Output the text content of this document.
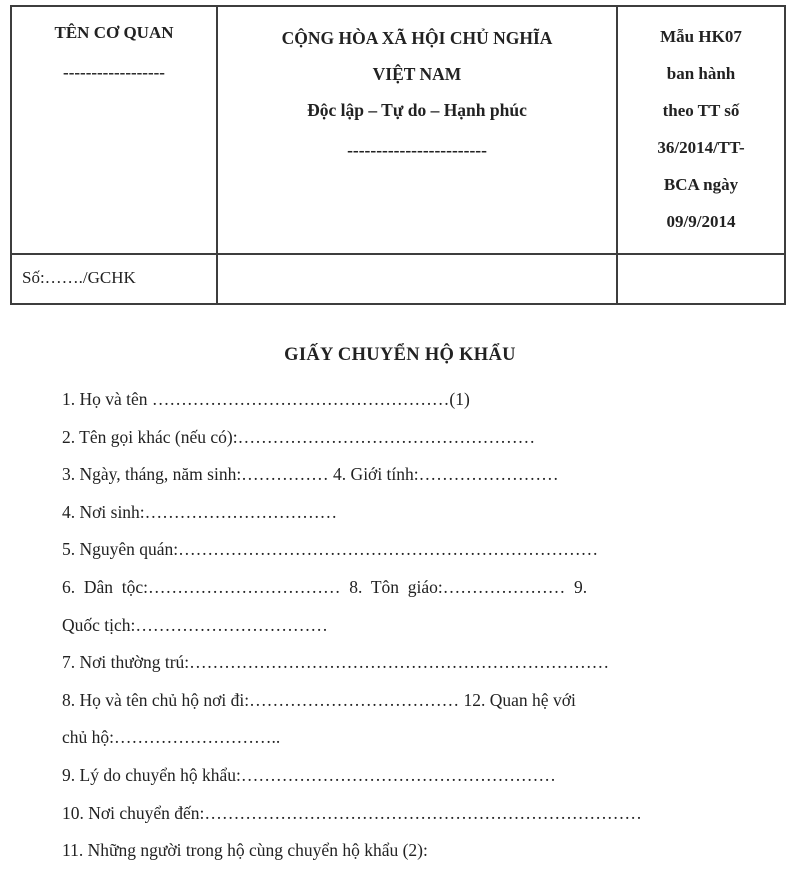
TÊN CƠ QUAN
------------------
CỘNG HÒA XÃ HỘI CHỦ NGHĨA
VIỆT NAM
Độc lập – Tự do – Hạnh phúc
------------------------
Mẫu HK07
ban hành
theo TT số
36/2014/TT-
BCA ngày
09/9/2014
Số:……./GCHK
GIẤY CHUYỂN HỘ KHẨU
1. Họ và tên ……………………………………………(1)
2. Tên gọi khác (nếu có):……………………………………………
3. Ngày, tháng, năm sinh:…………… 4. Giới tính:……………………
4. Nơi sinh:……………………………
5. Nguyên quán:………………………………………………………………
6.  Dân  tộc:……………………………  8.  Tôn  giáo:…………………  9.
Quốc tịch:……………………………
7. Nơi thường trú:………………………………………………………………
8. Họ và tên chủ hộ nơi đi:……………………………… 12. Quan hệ với
chủ hộ:………………………..
9. Lý do chuyển hộ khẩu:………………………………………………
10. Nơi chuyển đến:…………………………………………………………………
11. Những người trong hộ cùng chuyển hộ khẩu (2):
